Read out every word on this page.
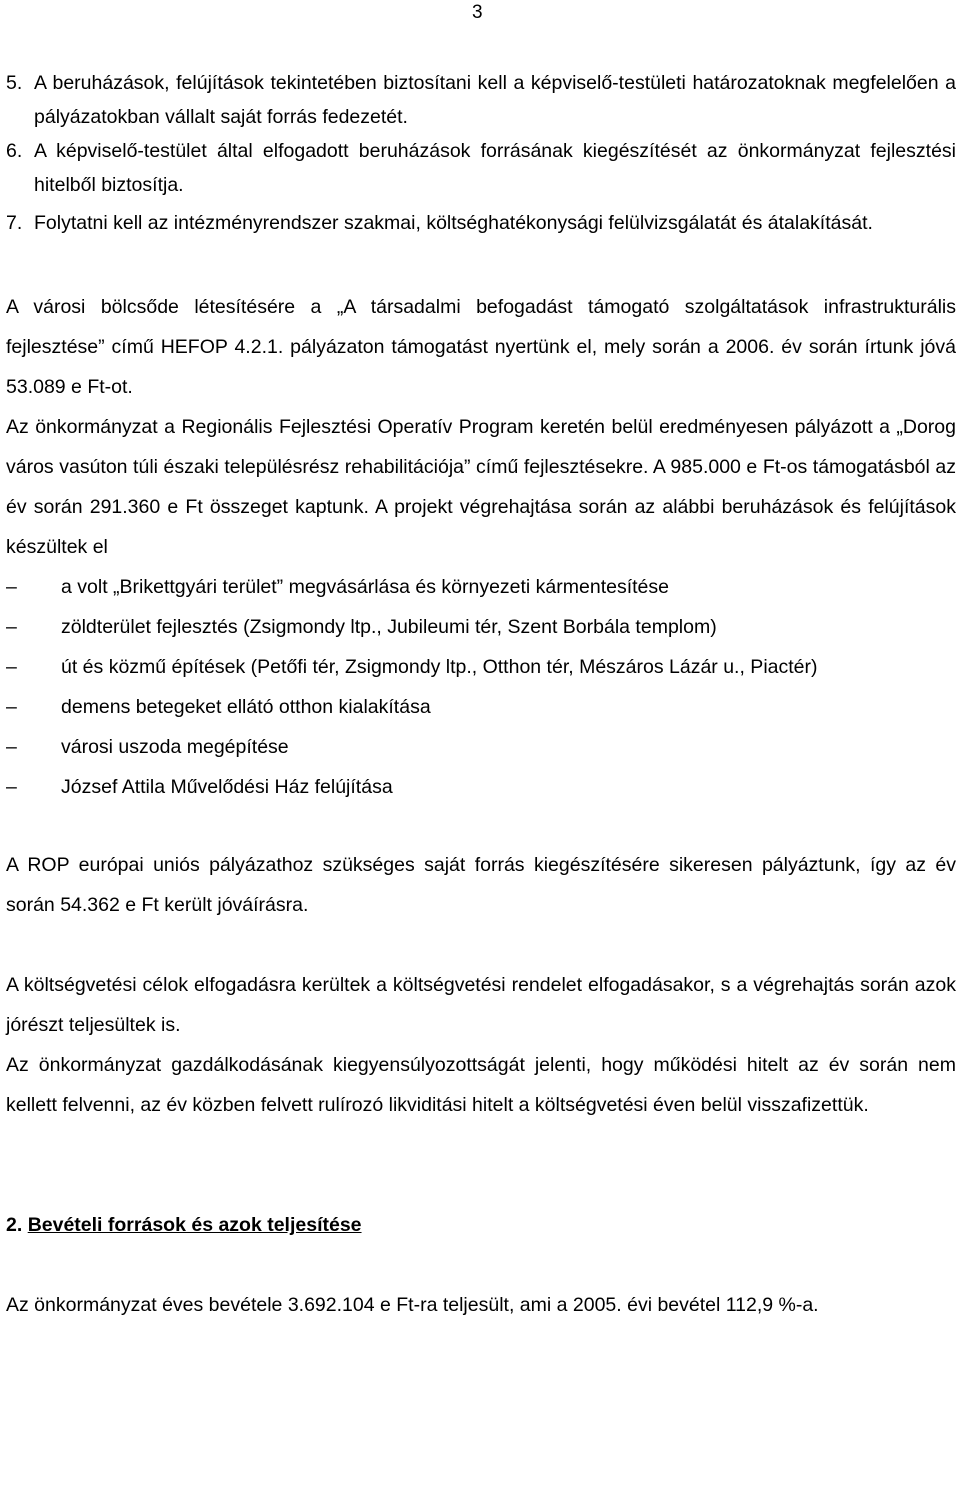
3
5. A beruházások, felújítások tekintetében biztosítani kell a képviselő-testületi határozatoknak megfelelően a pályázatokban vállalt saját forrás fedezetét.
6. A képviselő-testület által elfogadott beruházások forrásának kiegészítését az önkormányzat fejlesztési hitelből biztosítja.
7. Folytatni kell az intézményrendszer szakmai, költséghatékonysági felülvizsgálatát és átalakítását.

A városi bölcsőde létesítésére a „A társadalmi befogadást támogató szolgáltatások infrastrukturális fejlesztése” című HEFOP 4.2.1. pályázaton támogatást nyertünk el, mely során a 2006. év során írtunk jóvá 53.089 e Ft-ot.

Az önkormányzat a Regionális Fejlesztési Operatív Program keretén belül eredményesen pályázott a „Dorog város vasúton túli északi településrész rehabilitációja” című fejlesztésekre. A 985.000 e Ft-os támogatásból az év során 291.360 e Ft összeget kaptunk. A projekt végrehajtása során az alábbi beruházások és felújítások készültek el

–	a volt „Brikettgyári terület” megvásárlása és környezeti kármentesítése
–	zöldterület fejlesztés (Zsigmondy ltp., Jubileumi tér, Szent Borbála templom)
–	út és közmű építések (Petőfi tér, Zsigmondy ltp., Otthon tér, Mészáros Lázár u., Piactér)
–	demens betegeket ellátó otthon kialakítása
–	városi uszoda megépítése
–	József Attila Művelődési Ház felújítása

A ROP európai uniós pályázathoz szükséges saját forrás kiegészítésére sikeresen pályáztunk, így az év során 54.362 e Ft került jóváírásra.

A költségvetési célok elfogadásra kerültek a költségvetési rendelet elfogadásakor, s a végrehajtás során azok jórészt teljesültek is.

Az önkormányzat gazdálkodásának kiegyensúlyozottságát jelenti, hogy működési hitelt az év során nem kellett felvenni, az év közben felvett rulírozó likviditási hitelt a költségvetési éven belül visszafizettük.

2. Bevételi források és azok teljesítése

Az önkormányzat éves bevétele 3.692.104 e Ft-ra teljesült, ami a 2005. évi bevétel 112,9 %-a.
